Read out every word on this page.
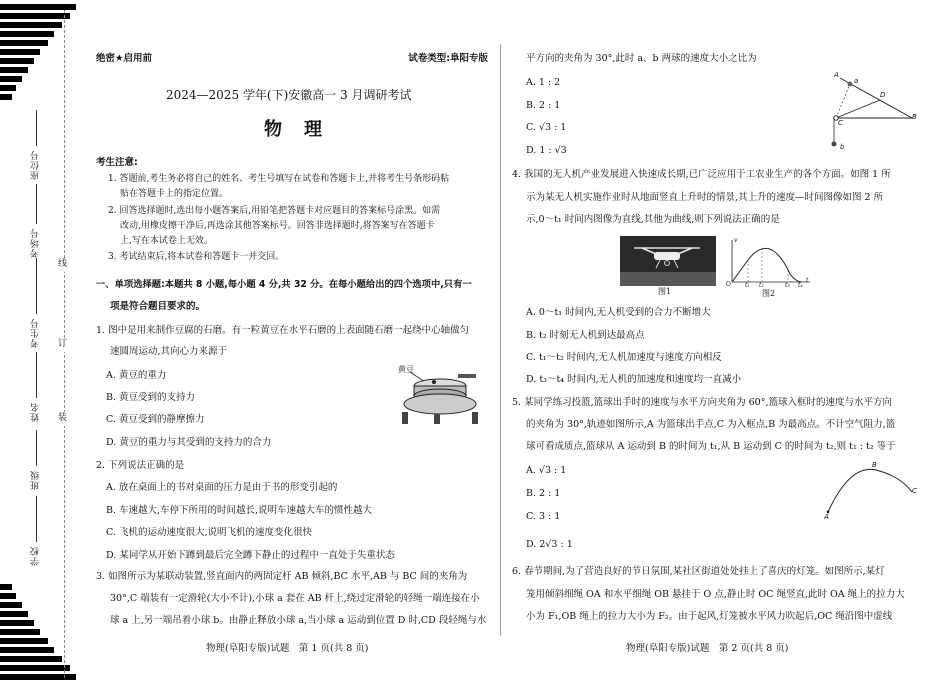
座位号
考场号
考生号
姓名
班级
学校
线
订
装
绝密★启用前	试卷类型:阜阳专版
2024—2025 学年(下)安徽高一 3 月调研考试
物　理
考生注意:
1. 答题前,考生务必将自己的姓名、考生号填写在试卷和答题卡上,并将考生号条形码粘
贴在答题卡上的指定位置。
2. 回答选择题时,选出每小题答案后,用铅笔把答题卡对应题目的答案标号涂黑。如需
改动,用橡皮擦干净后,再选涂其他答案标号。回答非选择题时,将答案写在答题卡
上,写在本试卷上无效。
3. 考试结束后,将本试卷和答题卡一并交回。
一、单项选择题:本题共 8 小题,每小题 4 分,共 32 分。在每小题给出的四个选项中,只有一
项是符合题目要求的。
1. 图中是用来制作豆腐的石磨。有一粒黄豆在水平石磨的上表面随石磨一起绕中心轴做匀
速圆周运动,其向心力来源于
A. 黄豆的重力
B. 黄豆受到的支持力
C. 黄豆受到的静摩擦力
D. 黄豆的重力与其受到的支持力的合力
黄豆
2. 下列说法正确的是
A. 放在桌面上的书对桌面的压力是由于书的形变引起的
B. 车速越大,车停下所用的时间越长,说明车速越大车的惯性越大
C. 飞机的运动速度很大,说明飞机的速度变化很快
D. 某同学从开始下蹲到最后完全蹲下静止的过程中一直处于失重状态
3. 如图所示为某联动装置,竖直面内的两固定杆 AB 倾斜,BC 水平,AB 与 BC 间的夹角为
30°,C 端装有一定滑轮(大小不计),小球 a 套在 AB 杆上,绕过定滑轮的轻绳一端连接在小
球 a 上,另一端吊着小球 b。由静止释放小球 a,当小球 a 运动到位置 D 时,CD 段轻绳与水
物理(阜阳专版)试题　第 1 页(共 8 页)
平方向的夹角为 30°,此时 a、b 两球的速度大小之比为
A. 1 : 2
B. 2 : 1
C. √3 : 1
D. 1 : √3
A
a
D
B
C
b
4. 我国的无人机产业发展进入快速成长期,已广泛应用于工农业生产的各个方面。如图 1 所
示为某无人机实施作业时从地面竖直上升时的情景,其上升的速度—时间图像如图 2 所
示,0～t₁ 时间内图像为直线,其他为曲线,则下列说法正确的是
图1
v
O t₁ t₂	t₃ t₄
t
图2
A. 0～t₁ 时间内,无人机受到的合力不断增大
B. t₂ 时刻无人机到达最高点
C. t₁～t₂ 时间内,无人机加速度与速度方向相反
D. t₃～t₄ 时间内,无人机的加速度和速度均一直减小
5. 某同学练习投篮,篮球出手时的速度与水平方向夹角为 60°,篮球入框时的速度与水平方向
的夹角为 30°,轨迹如图所示,A 为篮球出手点,C 为入框点,B 为最高点。不计空气阻力,篮
球可看成质点,篮球从 A 运动到 B 的时间为 t₁,从 B 运动到 C 的时间为 t₂,则 t₁ : t₂ 等于
A. √3 : 1
B. 2 : 1
C. 3 : 1
D. 2√3 : 1
A
B
C
6. 春节期间,为了营造良好的节日氛围,某社区街道处处挂上了喜庆的灯笼。如图所示,某灯
笼用倾斜细绳 OA 和水平细绳 OB 悬挂于 O 点,静止时 OC 绳竖直,此时 OA 绳上的拉力大
小为 F₁,OB 绳上的拉力大小为 F₂。由于起风,灯笼被水平风力吹起后,OC 绳沿图中虚线
物理(阜阳专版)试题　第 2 页(共 8 页)
